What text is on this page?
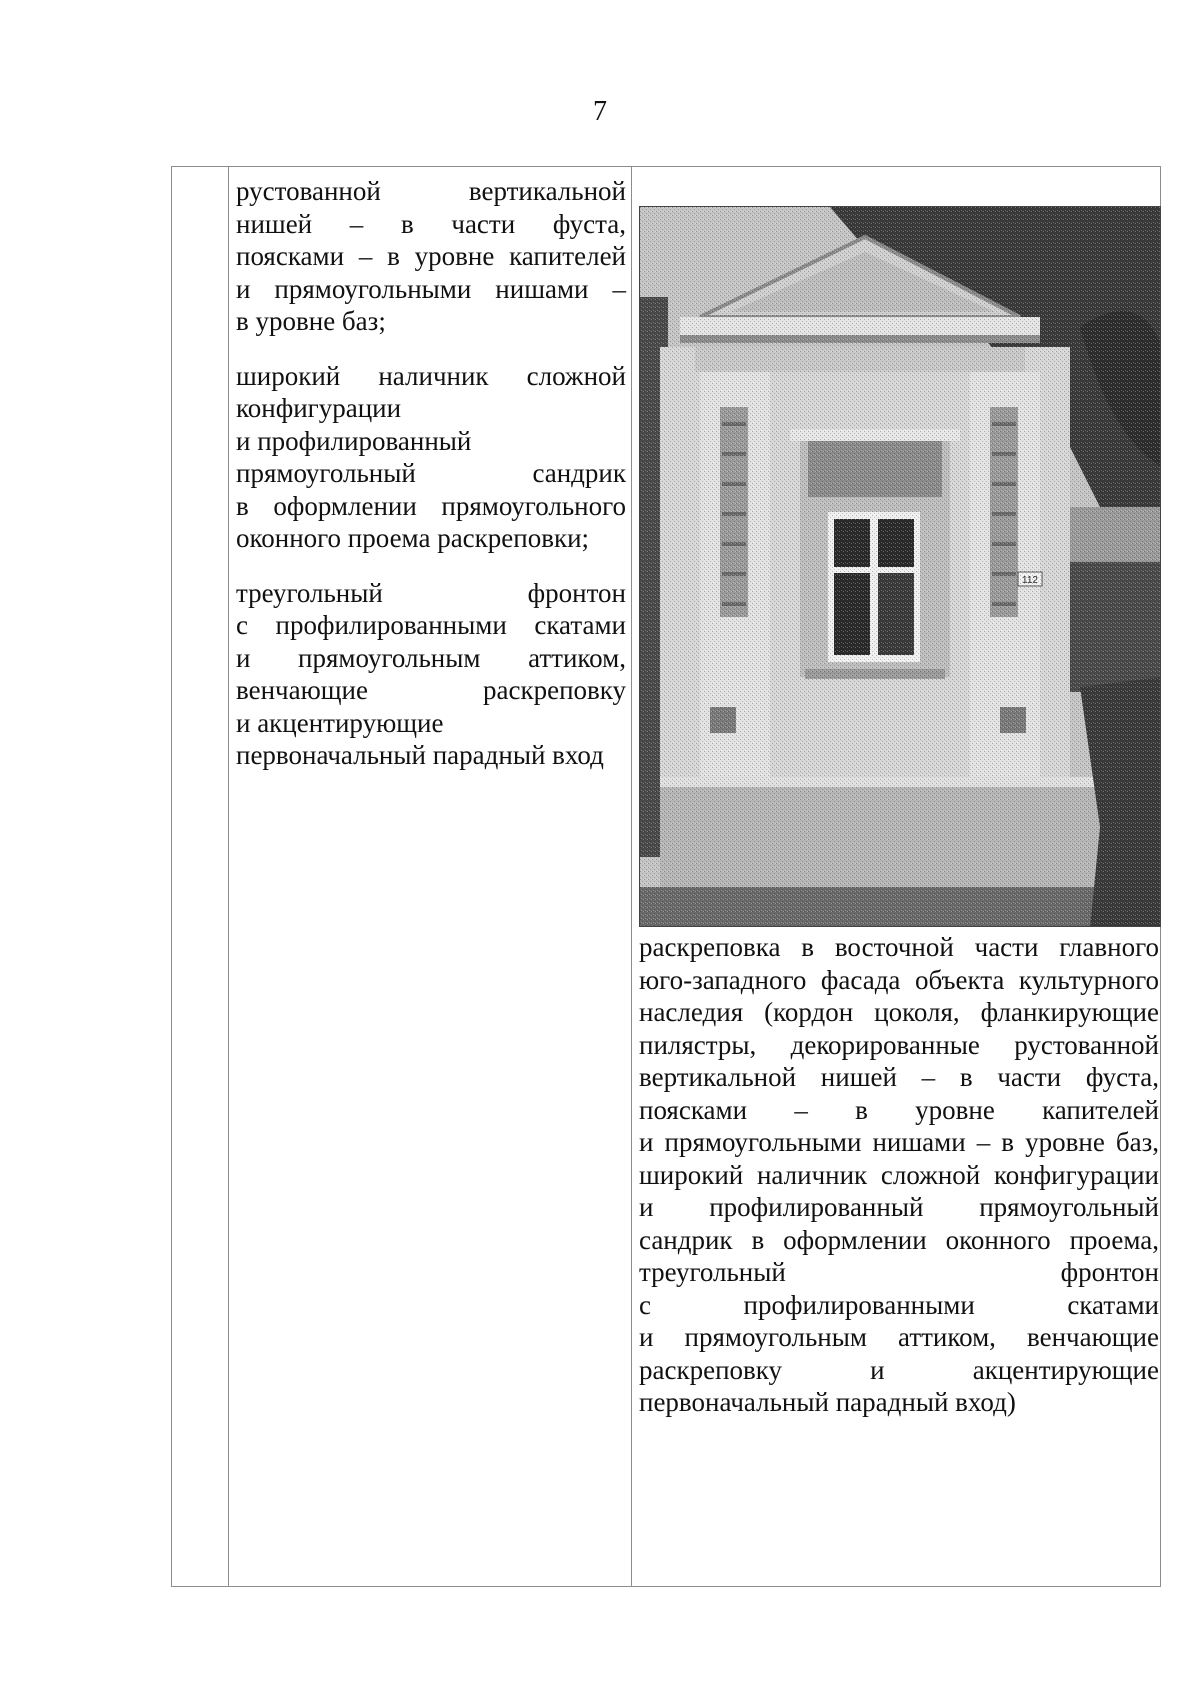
7
рустованной вертикальной
нишей – в части фуста,
поясками – в уровне капителей
и прямоугольными нишами –
в уровне баз;
широкий наличник сложной
конфигурации
и профилированный
прямоугольный сандрик
в оформлении прямоугольного
оконного проема раскреповки;
треугольный фронтон
с профилированными скатами
и прямоугольным аттиком,
венчающие раскреповку
и акцентирующие
первоначальный парадный вход
раскреповка в восточной части главного
юго-западного фасада объекта культурного
наследия (кордон цоколя, фланкирующие
пилястры, декорированные рустованной
вертикальной нишей – в части фуста,
поясками – в уровне капителей
и прямоугольными нишами – в уровне баз,
широкий наличник сложной конфигурации
и профилированный прямоугольный
сандрик в оформлении оконного проема,
треугольный фронтон
с профилированными скатами
и прямоугольным аттиком, венчающие
раскреповку и акцентирующие
первоначальный парадный вход)
